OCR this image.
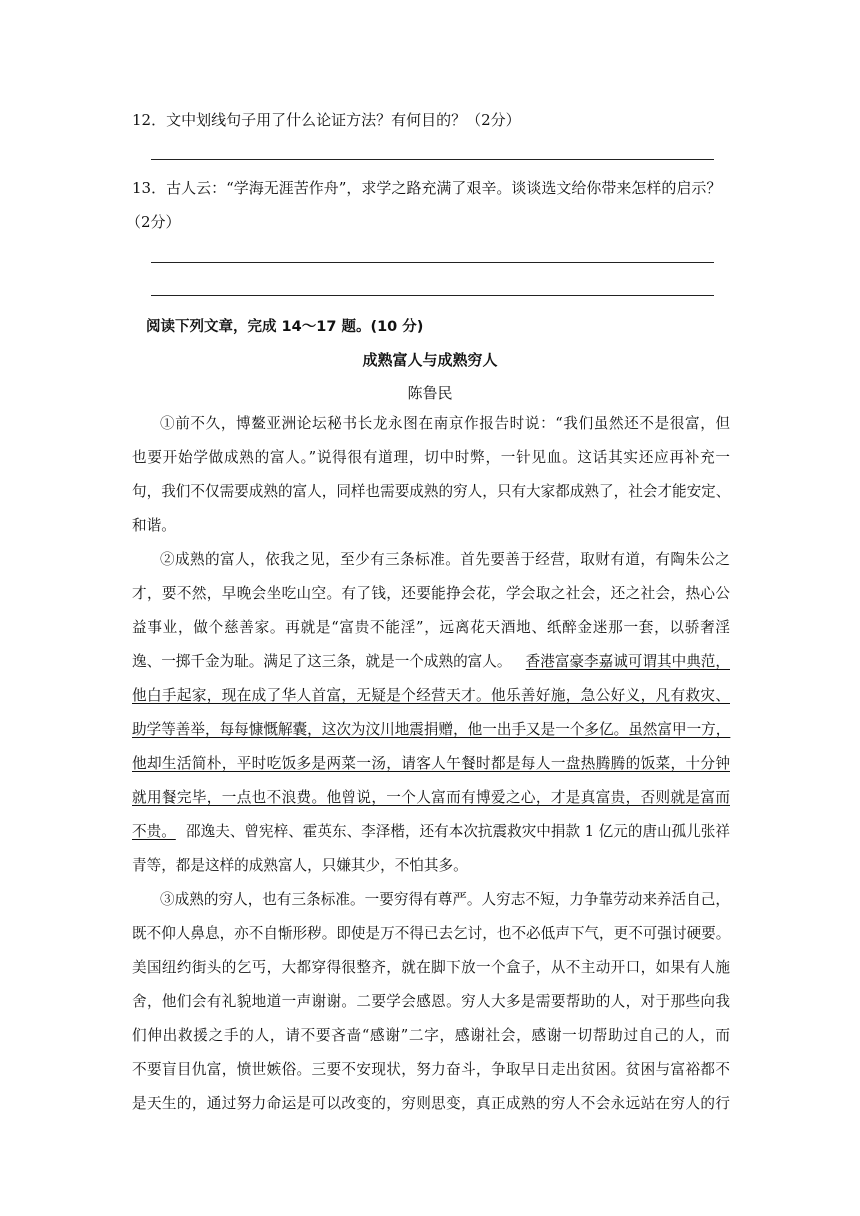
12．文中划线句子用了什么论证方法？有何目的？（2分）
13．古人云：“学海无涯苦作舟”，求学之路充满了艰辛。谈谈选文给你带来怎样的启示？
（2分）
阅读下列文章，完成 14～17 题。(10 分)
成熟富人与成熟穷人
陈鲁民
①前不久，博鳌亚洲论坛秘书长龙永图在南京作报告时说：“我们虽然还不是很富，但
也要开始学做成熟的富人。”说得很有道理，切中时弊，一针见血。这话其实还应再补充一
句，我们不仅需要成熟的富人，同样也需要成熟的穷人，只有大家都成熟了，社会才能安定、
和谐。
②成熟的富人，依我之见，至少有三条标准。首先要善于经营，取财有道，有陶朱公之
才，要不然，早晚会坐吃山空。有了钱，还要能挣会花，学会取之社会，还之社会，热心公
益事业，做个慈善家。再就是“富贵不能淫”，远离花天酒地、纸醉金迷那一套，以骄奢淫
逸、一掷千金为耻。满足了这三条，就是一个成熟的富人。 香港富豪李嘉诚可谓其中典范，
他白手起家，现在成了华人首富，无疑是个经营天才。他乐善好施，急公好义，凡有救灾、
助学等善举，每每慷慨解囊，这次为汶川地震捐赠，他一出手又是一个多亿。虽然富甲一方，
他却生活简朴，平时吃饭多是两菜一汤，请客人午餐时都是每人一盘热腾腾的饭菜，十分钟
就用餐完毕，一点也不浪费。他曾说，一个人富而有博爱之心，才是真富贵，否则就是富而
不贵。 邵逸夫、曾宪梓、霍英东、李泽楷，还有本次抗震救灾中捐款 1 亿元的唐山孤儿张祥
青等，都是这样的成熟富人，只嫌其少，不怕其多。
③成熟的穷人，也有三条标准。一要穷得有尊严。人穷志不短，力争靠劳动来养活自己，
既不仰人鼻息，亦不自惭形秽。即使是万不得已去乞讨，也不必低声下气，更不可强讨硬要。
美国纽约街头的乞丐，大都穿得很整齐，就在脚下放一个盒子，从不主动开口，如果有人施
舍，他们会有礼貌地道一声谢谢。二要学会感恩。穷人大多是需要帮助的人，对于那些向我
们伸出救援之手的人，请不要吝啬“感谢”二字，感谢社会，感谢一切帮助过自己的人，而
不要盲目仇富，愤世嫉俗。三要不安现状，努力奋斗，争取早日走出贫困。贫困与富裕都不
是天生的，通过努力命运是可以改变的，穷则思变，真正成熟的穷人不会永远站在穷人的行
